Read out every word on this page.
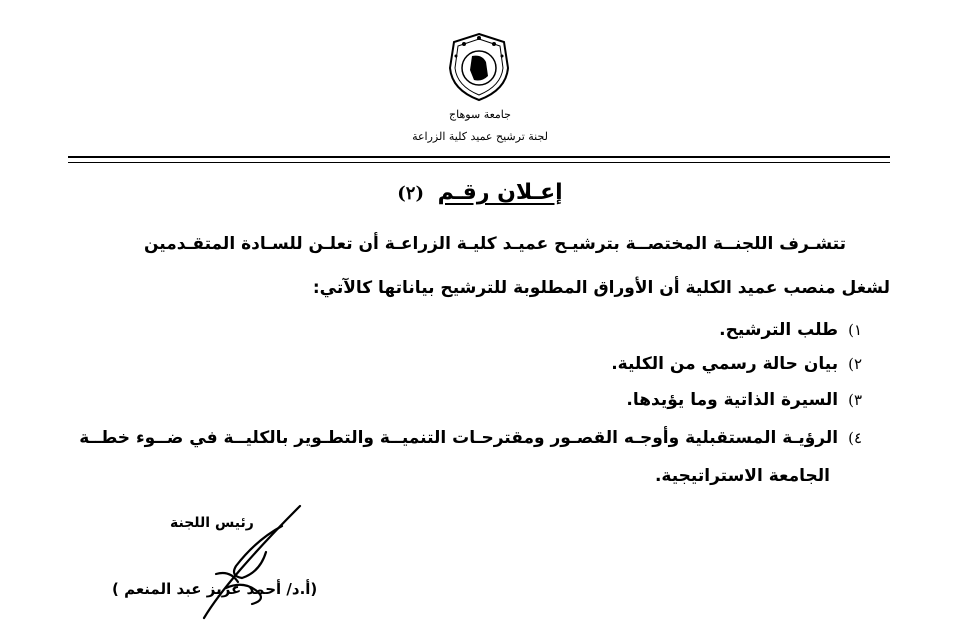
جامعة سوهاج
لجنة ترشيح عميد كلية الزراعة
إعـلان رقـم (٢)
تتشـرف اللجنــة المختصــة بترشيـح عميـد كليـة الزراعـة أن تعلـن للسـادة المتقـدمين
لشغل منصب عميد الكلية أن الأوراق المطلوبة للترشيح بياناتها كالآتي:
١)طلب الترشيح.
٢)بيان حالة رسمي من الكلية.
٣)السيرة الذاتية وما يؤيدها.
٤)الرؤيـة المستقبلية وأوجـه القصـور ومقترحـات التنميــة والتطـوير بالكليــة في ضــوء خطــة
الجامعة الاستراتيجية.
رئيس اللجنة
(أ.د/ أحمد عزيز عبد المنعم )
